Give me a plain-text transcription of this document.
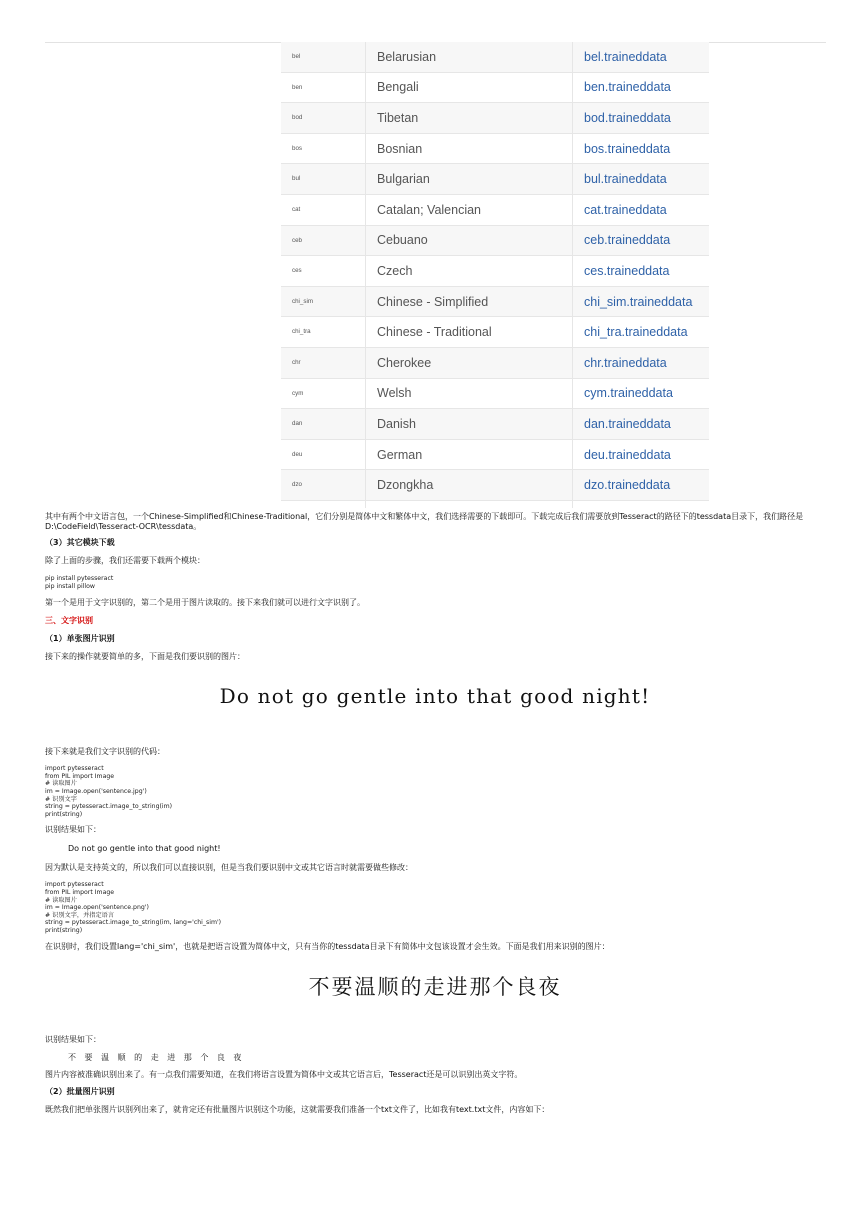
bel	Belarusian	bel.traineddata
ben	Bengali	ben.traineddata
bod	Tibetan	bod.traineddata
bos	Bosnian	bos.traineddata
bul	Bulgarian	bul.traineddata
cat	Catalan; Valencian	cat.traineddata
ceb	Cebuano	ceb.traineddata
ces	Czech	ces.traineddata
chi_sim	Chinese - Simplified	chi_sim.traineddata
chi_tra	Chinese - Traditional	chi_tra.traineddata
chr	Cherokee	chr.traineddata
cym	Welsh	cym.traineddata
dan	Danish	dan.traineddata
deu	German	deu.traineddata
dzo	Dzongkha	dzo.traineddata

其中有两个中文语言包，一个Chinese-Simplified和Chinese-Traditional，它们分别是简体中文和繁体中文，我们选择需要的下载即可。下载完成后我们需要放到Tesseract的路径下的tessdata目录下，我们路径是D:\CodeField\Tesseract-OCR\tessdata。

（3）其它模块下载

除了上面的步骤，我们还需要下载两个模块：

pip install pytesseract
pip install pillow

第一个是用于文字识别的，第二个是用于图片读取的。接下来我们就可以进行文字识别了。

三、文字识别

（1）单张图片识别

接下来的操作就要简单的多，下面是我们要识别的图片：

Do not go gentle into that good night!

接下来就是我们文字识别的代码：

import pytesseract
from PIL import Image
# 读取图片
im = Image.open('sentence.jpg')
# 识别文字
string = pytesseract.image_to_string(im)
print(string)

识别结果如下：

Do not go gentle into that good night!

因为默认是支持英文的，所以我们可以直接识别，但是当我们要识别中文或其它语言时就需要做些修改：

import pytesseract
from PIL import Image
# 读取图片
im = Image.open('sentence.png')
# 识别文字，并指定语言
string = pytesseract.image_to_string(im, lang='chi_sim')
print(string)

在识别时，我们设置lang='chi_sim'，也就是把语言设置为简体中文，只有当你的tessdata目录下有简体中文包该设置才会生效。下面是我们用来识别的图片：

不要温顺的走进那个良夜

识别结果如下：

不 要 温 顺 的 走 进 那 个 良 夜

图片内容被准确识别出来了。有一点我们需要知道，在我们将语言设置为简体中文或其它语言后，Tesseract还是可以识别出英文字符。

（2）批量图片识别

既然我们把单张图片识别列出来了，就肯定还有批量图片识别这个功能，这就需要我们准备一个txt文件了，比如我有text.txt文件，内容如下：
